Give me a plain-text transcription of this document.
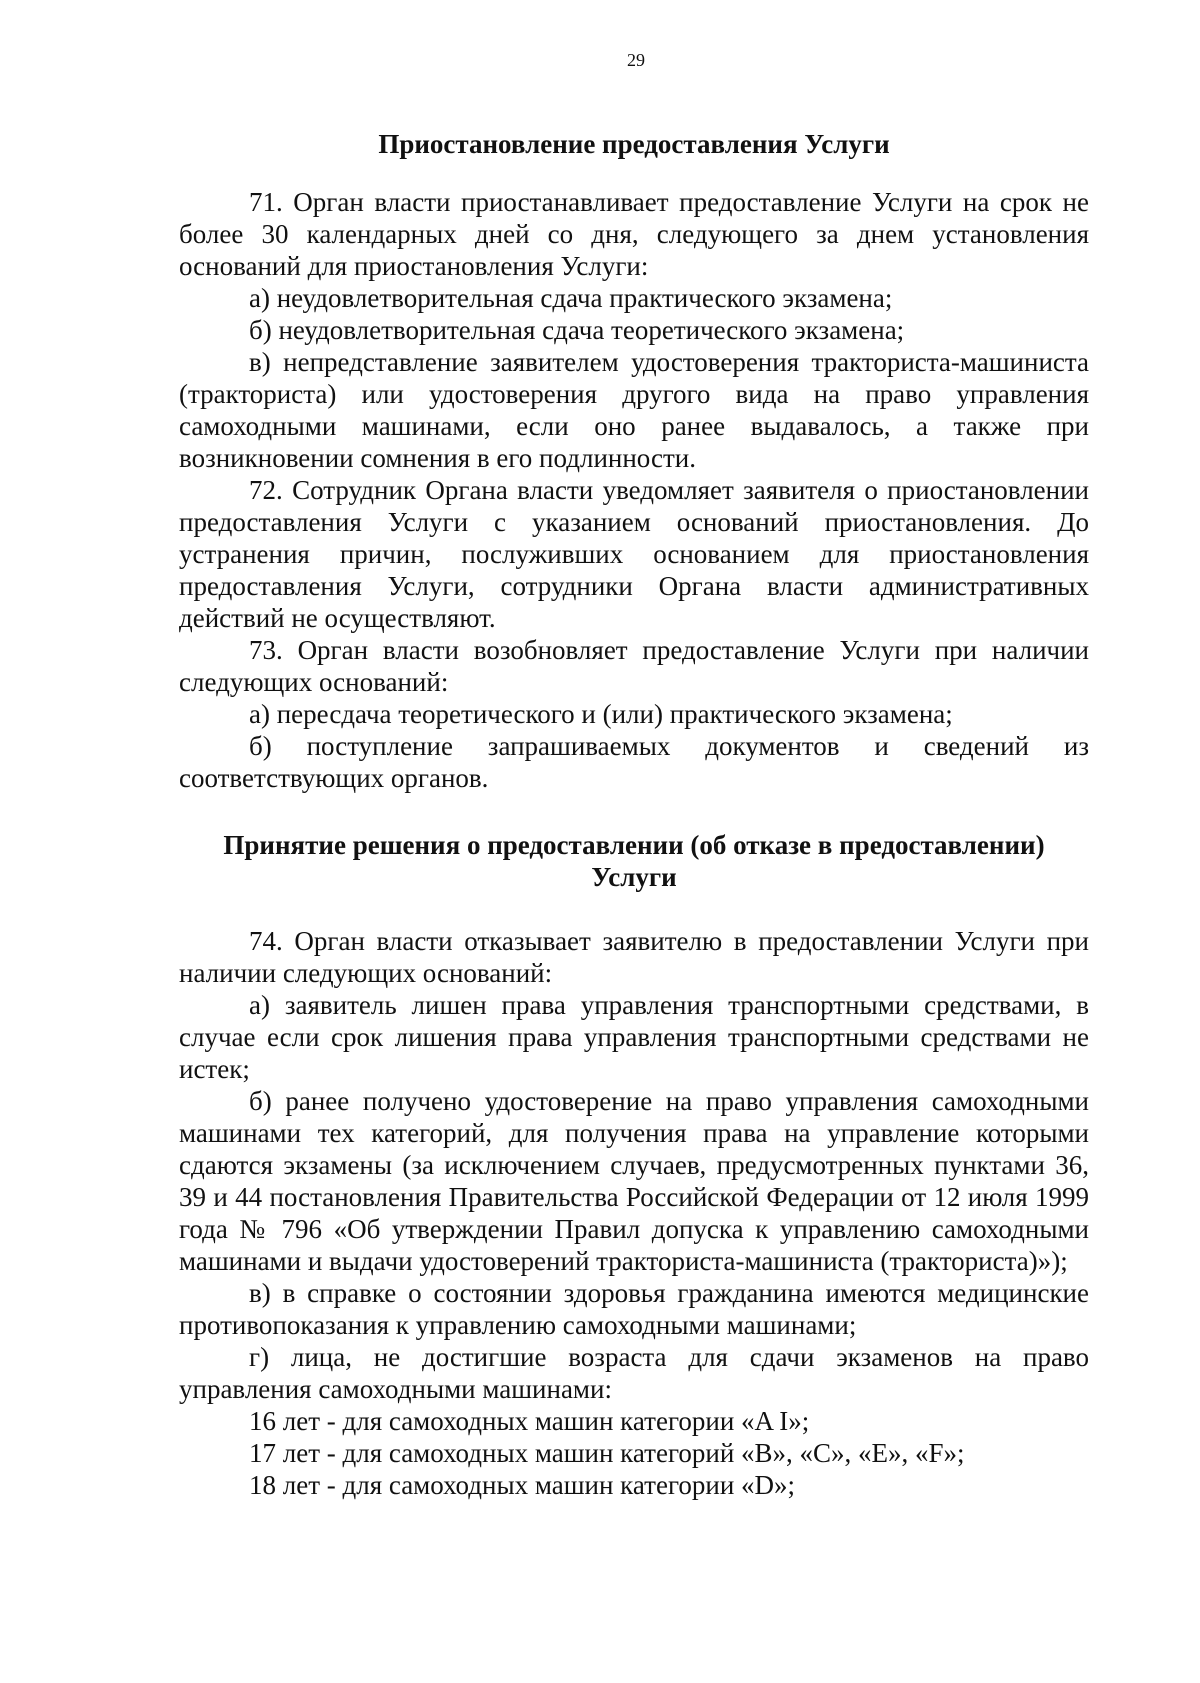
29
Приостановление предоставления Услуги

71. Орган власти приостанавливает предоставление Услуги на срок не более 30 календарных дней со дня, следующего за днем установления оснований для приостановления Услуги:

а) неудовлетворительная сдача практического экзамена;

б) неудовлетворительная сдача теоретического экзамена;

в) непредставление заявителем удостоверения тракториста-машиниста (тракториста) или удостоверения другого вида на право управления самоходными машинами, если оно ранее выдавалось, а также при возникновении сомнения в его подлинности.

72. Сотрудник Органа власти уведомляет заявителя о приостановлении предоставления Услуги с указанием оснований приостановления. До устранения причин, послуживших основанием для приостановления предоставления Услуги, сотрудники Органа власти административных действий не осуществляют.

73. Орган власти возобновляет предоставление Услуги при наличии следующих оснований:

а) пересдача теоретического и (или) практического экзамена;

б) поступление запрашиваемых документов и сведений из соответствующих органов.

Принятие решения о предоставлении (об отказе в предоставлении)
Услуги

74. Орган власти отказывает заявителю в предоставлении Услуги при наличии следующих оснований:

а) заявитель лишен права управления транспортными средствами, в случае если срок лишения права управления транспортными средствами не истек;

б) ранее получено удостоверение на право управления самоходными машинами тех категорий, для получения права на управление которыми сдаются экзамены (за исключением случаев, предусмотренных пунктами 36, 39 и 44 постановления Правительства Российской Федерации от 12 июля 1999 года № 796 «Об утверждении Правил допуска к управлению самоходными машинами и выдачи удостоверений тракториста-машиниста (тракториста)»);

в) в справке о состоянии здоровья гражданина имеются медицинские противопоказания к управлению самоходными машинами;

г) лица, не достигшие возраста для сдачи экзаменов на право управления самоходными машинами:

16 лет - для самоходных машин категории «A I»;

17 лет - для самоходных машин категорий «B», «C», «E», «F»;

18 лет - для самоходных машин категории «D»;
